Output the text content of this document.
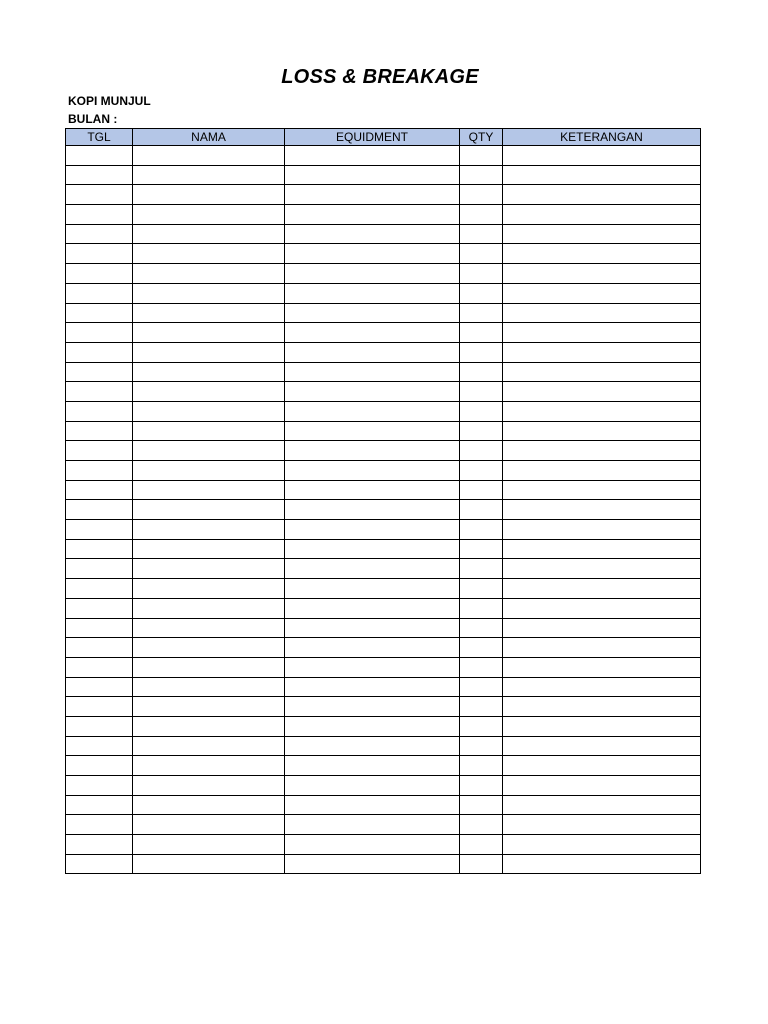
LOSS & BREAKAGE
KOPI MUNJUL
BULAN :
TGL	NAMA	EQUIDMENT	QTY	KETERANGAN
